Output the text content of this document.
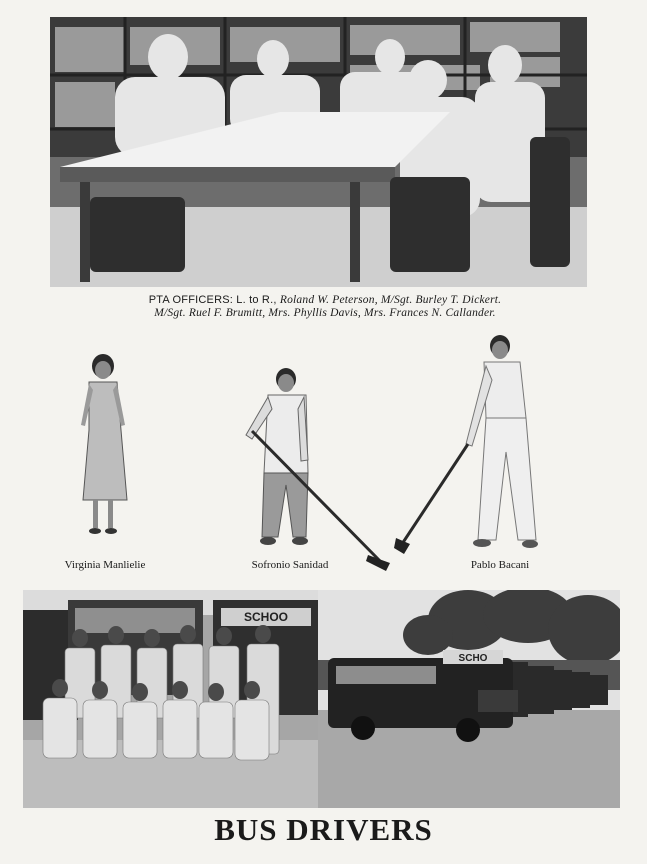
PTA OFFICERS: L. to R., Roland W. Peterson, M/Sgt. Burley T. Dickert.
M/Sgt. Ruel F. Brumitt, Mrs. Phyllis Davis, Mrs. Frances N. Callander.
Virginia Manlielie	Sofronio Sanidad	Pablo Bacani
SCHOO
SCHO
BUS DRIVERS
